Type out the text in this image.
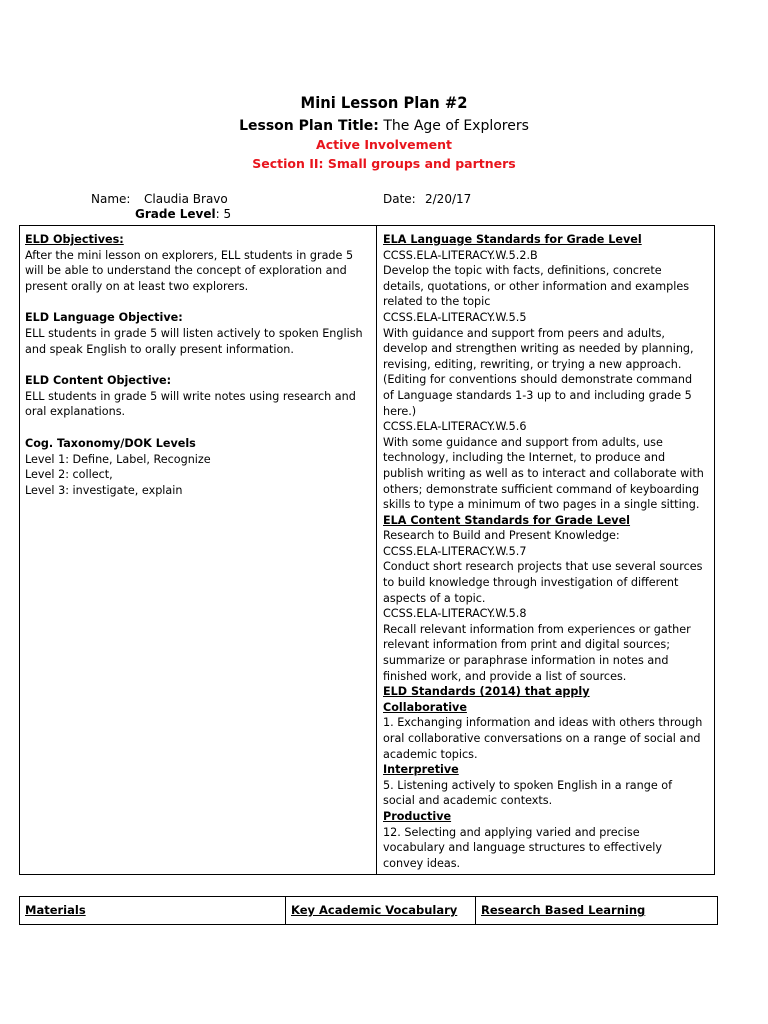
Mini Lesson Plan #2
Lesson Plan Title: The Age of Explorers
Active Involvement
Section II: Small groups and partners
Name: Claudia Bravo
Grade Level: 5
Date: 2/20/17
ELD Objectives:
After the mini lesson on explorers, ELL students in grade 5
will be able to understand the concept of exploration and
present orally on at least two explorers.
ELD Language Objective:
ELL students in grade 5 will listen actively to spoken English
and speak English to orally present information.
ELD Content Objective:
ELL students in grade 5 will write notes using research and
oral explanations.
Cog. Taxonomy/DOK Levels
Level 1: Define, Label, Recognize
Level 2: collect,
Level 3: investigate, explain
ELA Language Standards for Grade Level
CCSS.ELA-LITERACY.W.5.2.B
Develop the topic with facts, definitions, concrete
details, quotations, or other information and examples
related to the topic
CCSS.ELA-LITERACY.W.5.5
With guidance and support from peers and adults,
develop and strengthen writing as needed by planning,
revising, editing, rewriting, or trying a new approach.
(Editing for conventions should demonstrate command
of Language standards 1-3 up to and including grade 5
here.)
CCSS.ELA-LITERACY.W.5.6
With some guidance and support from adults, use
technology, including the Internet, to produce and
publish writing as well as to interact and collaborate with
others; demonstrate sufficient command of keyboarding
skills to type a minimum of two pages in a single sitting.
ELA Content Standards for Grade Level
Research to Build and Present Knowledge:
CCSS.ELA-LITERACY.W.5.7
Conduct short research projects that use several sources
to build knowledge through investigation of different
aspects of a topic.
CCSS.ELA-LITERACY.W.5.8
Recall relevant information from experiences or gather
relevant information from print and digital sources;
summarize or paraphrase information in notes and
finished work, and provide a list of sources.
ELD Standards (2014) that apply
Collaborative
1. Exchanging information and ideas with others through
oral collaborative conversations on a range of social and
academic topics.
Interpretive
5. Listening actively to spoken English in a range of
social and academic contexts.
Productive
12. Selecting and applying varied and precise
vocabulary and language structures to effectively
convey ideas.
Materials	Key Academic Vocabulary	Research Based Learning
